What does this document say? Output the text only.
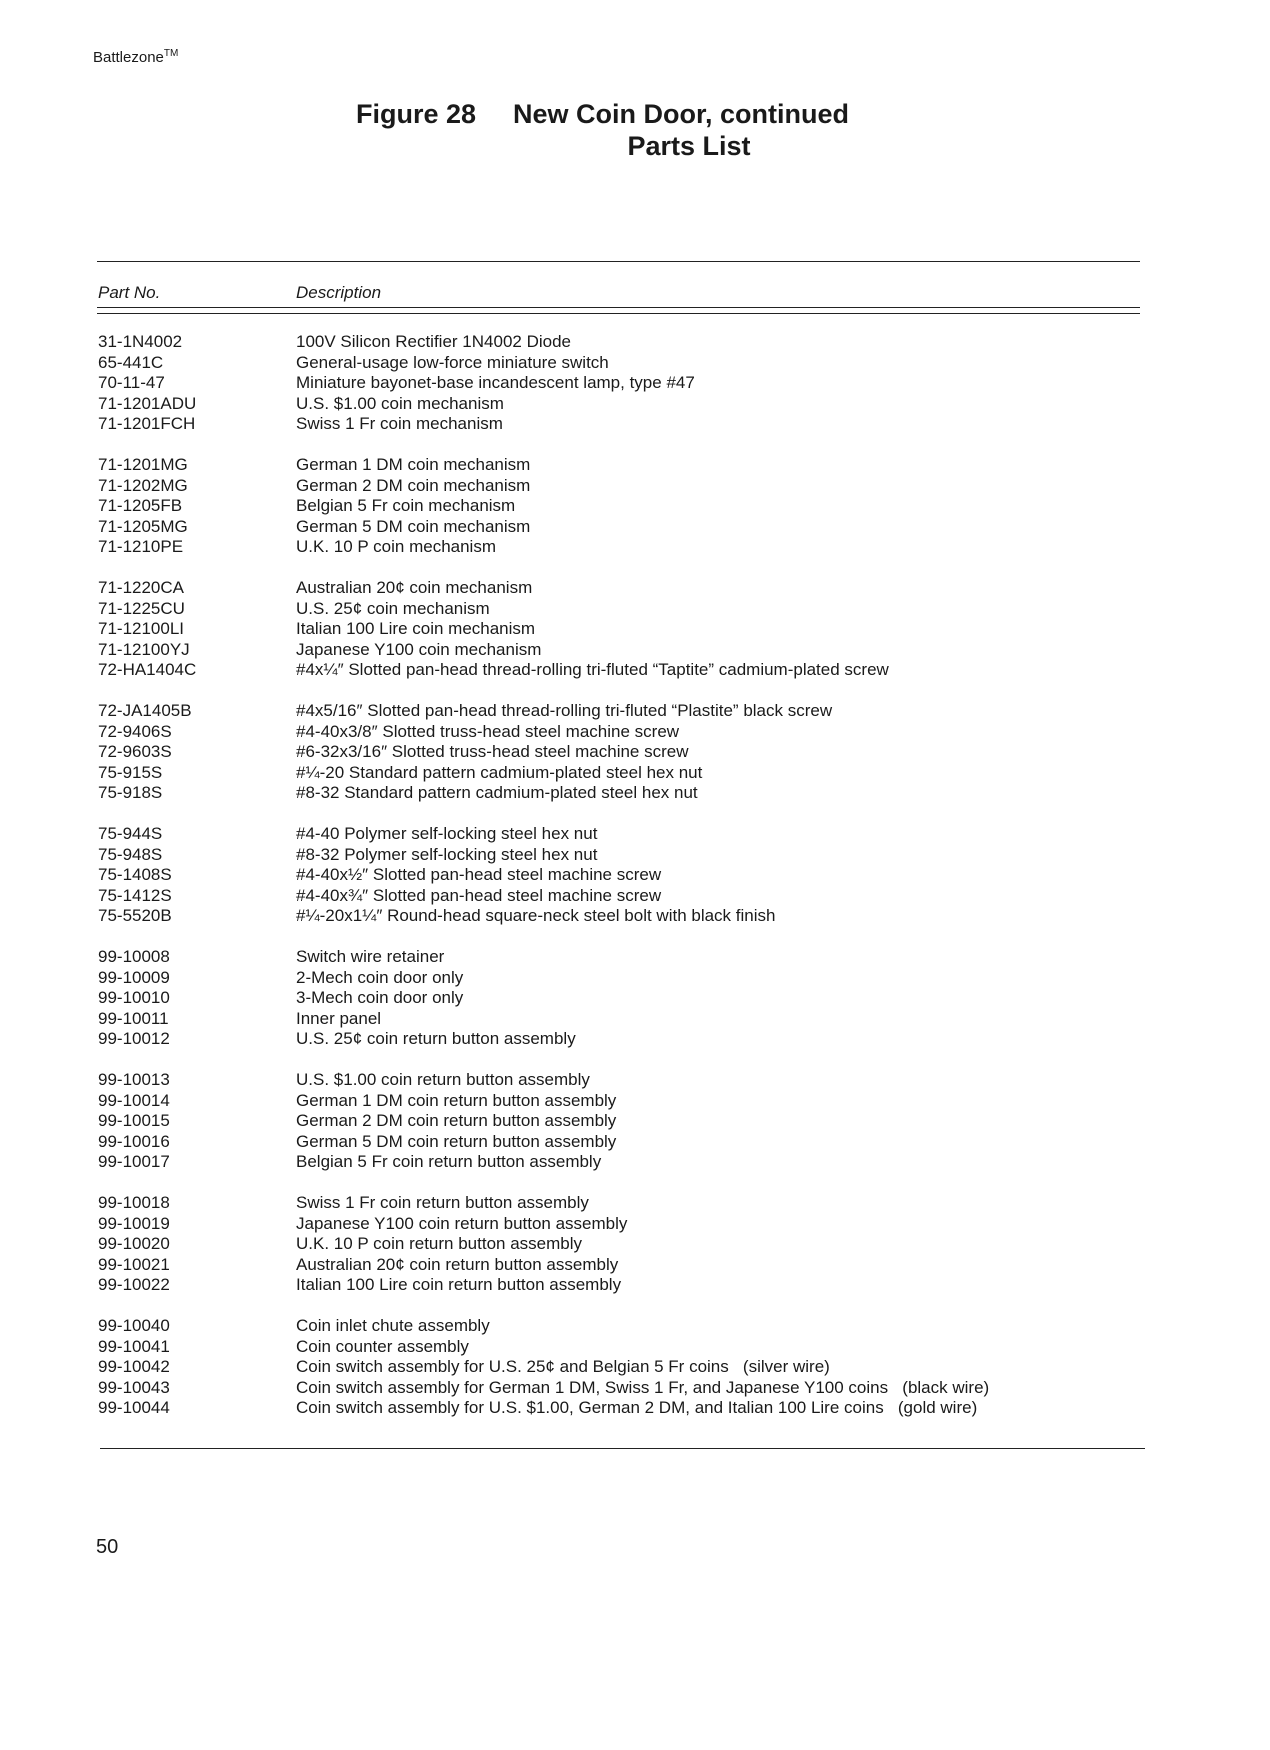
Battlezone™
Figure 28 New Coin Door, continued
Parts List
Part No.	Description
31-1N4002	100V Silicon Rectifier 1N4002 Diode
65-441C	General-usage low-force miniature switch
70-11-47	Miniature bayonet-base incandescent lamp, type #47
71-1201ADU	U.S. $1.00 coin mechanism
71-1201FCH	Swiss 1 Fr coin mechanism
71-1201MG	German 1 DM coin mechanism
71-1202MG	German 2 DM coin mechanism
71-1205FB	Belgian 5 Fr coin mechanism
71-1205MG	German 5 DM coin mechanism
71-1210PE	U.K. 10 P coin mechanism
71-1220CA	Australian 20¢ coin mechanism
71-1225CU	U.S. 25¢ coin mechanism
71-12100LI	Italian 100 Lire coin mechanism
71-12100YJ	Japanese Y100 coin mechanism
72-HA1404C	#4x¼″ Slotted pan-head thread-rolling tri-fluted “Taptite” cadmium-plated screw
72-JA1405B	#4x5/16″ Slotted pan-head thread-rolling tri-fluted “Plastite” black screw
72-9406S	#4-40x3/8″ Slotted truss-head steel machine screw
72-9603S	#6-32x3/16″ Slotted truss-head steel machine screw
75-915S	#¼-20 Standard pattern cadmium-plated steel hex nut
75-918S	#8-32 Standard pattern cadmium-plated steel hex nut
75-944S	#4-40 Polymer self-locking steel hex nut
75-948S	#8-32 Polymer self-locking steel hex nut
75-1408S	#4-40x½″ Slotted pan-head steel machine screw
75-1412S	#4-40x¾″ Slotted pan-head steel machine screw
75-5520B	#¼-20x1¼″ Round-head square-neck steel bolt with black finish
99-10008	Switch wire retainer
99-10009	2-Mech coin door only
99-10010	3-Mech coin door only
99-10011	Inner panel
99-10012	U.S. 25¢ coin return button assembly
99-10013	U.S. $1.00 coin return button assembly
99-10014	German 1 DM coin return button assembly
99-10015	German 2 DM coin return button assembly
99-10016	German 5 DM coin return button assembly
99-10017	Belgian 5 Fr coin return button assembly
99-10018	Swiss 1 Fr coin return button assembly
99-10019	Japanese Y100 coin return button assembly
99-10020	U.K. 10 P coin return button assembly
99-10021	Australian 20¢ coin return button assembly
99-10022	Italian 100 Lire coin return button assembly
99-10040	Coin inlet chute assembly
99-10041	Coin counter assembly
99-10042	Coin switch assembly for U.S. 25¢ and Belgian 5 Fr coins   (silver wire)
99-10043	Coin switch assembly for German 1 DM, Swiss 1 Fr, and Japanese Y100 coins   (black wire)
99-10044	Coin switch assembly for U.S. $1.00, German 2 DM, and Italian 100 Lire coins   (gold wire)
50
